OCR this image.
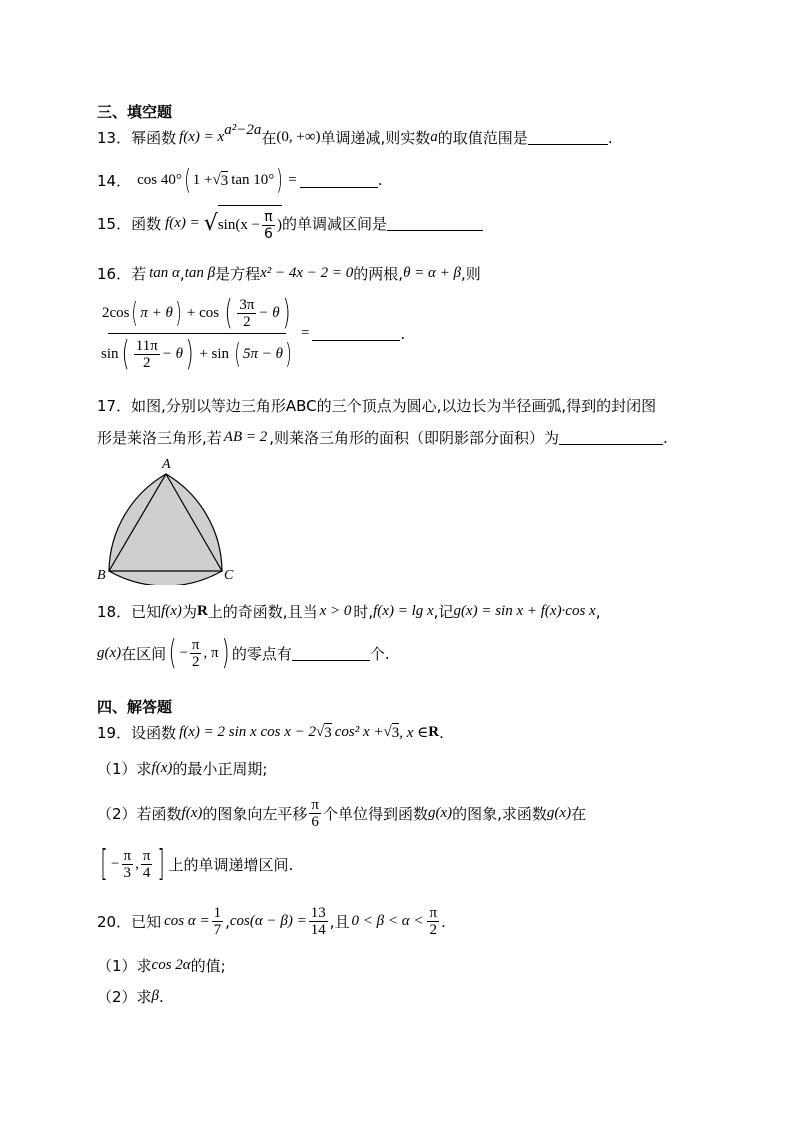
三、填空题
13． 幂函数 $f(x) = x^{a^2-2a}$ 在 (0, +∞) 单调递减,则实数 a 的取值范围是	.
14． cos 40° ( 1 + √ 3 tan 10° ) =	.
15． 函数 f(x) = √ $\sin(x - \frac{\pi}{6}$ ) 的单调减区间是
16． 若 tan α , tan β 是方程 x² − 4x − 2 = 0 的两根, θ = α + β ,则
2cos ( π + θ ) + cos ( $\frac{3\pi}{2} - \theta$ )
sin ( $\frac{11\pi}{2} - \theta$ ) + sin ( 5π − θ )
=	.
17． 如图,分别以等边三角形ABC的三个顶点为圆心,以边长为半径画弧,得到的封闭图
形是莱洛三角形,若 AB = 2 ,则莱洛三角形的面积（即阴影部分面积）为	.
A
B	C
18． 已知 f(x) 为 R 上的奇函数,且当 x > 0 时, f(x) = lg x ,记 g(x) = sin x + f(x)·cos x ,
g(x) 在区间 ( − $\frac{\pi}{2}$ , π ) 的零点有	个.
四、解答题
19． 设函数 f(x) = 2 sin x cos x − 2 √ 3 cos² x + √ 3 , x ∈ R .
（1）求 f(x) 的最小正周期;
（2）若函数 f(x) 的图象向左平移 $\frac{\pi}{6}$ 个单位得到函数 g(x) 的图象,求函数 g(x) 在
[ − $\frac{\pi}{3}$ , $\frac{\pi}{4}$ ] 上的单调递增区间.
20． 已知 $\cos \alpha = \frac{1}{7}$ , $\cos(\alpha - \beta) = \frac{13}{14}$ ,且 $0 < \beta < \alpha < \frac{\pi}{2}$ .
（1）求 cos 2α 的值;
（2）求 β .
